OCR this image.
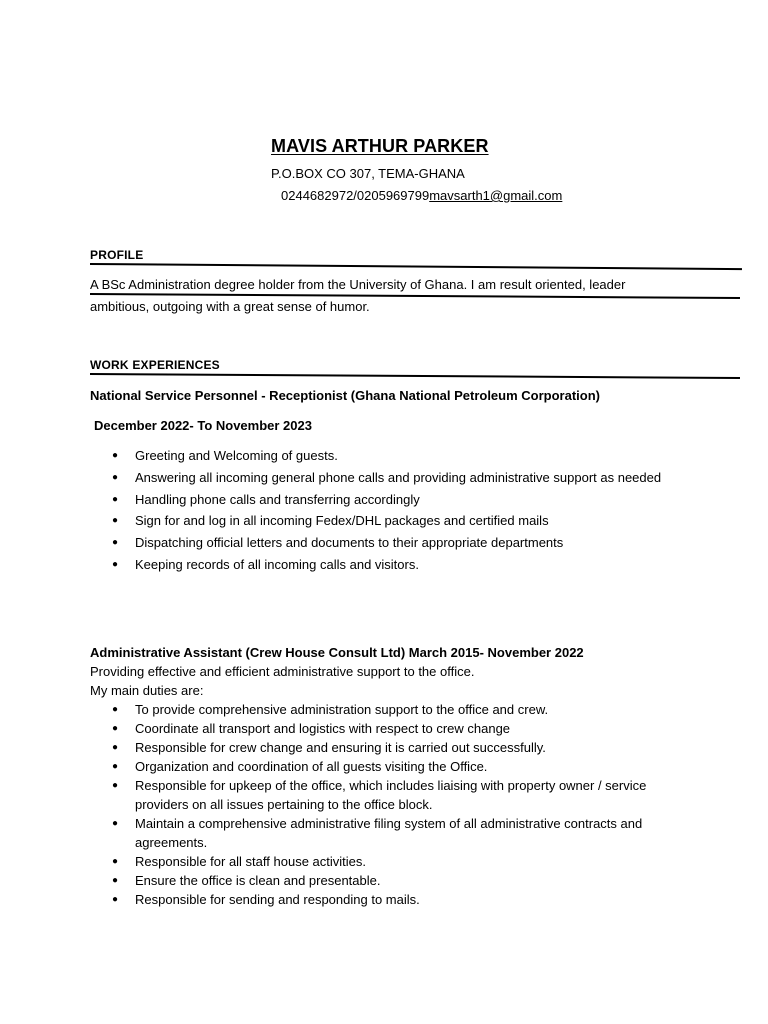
MAVIS ARTHUR PARKER
P.O.BOX CO 307, TEMA-GHANA
0244682972/0205969799mavsarth1@gmail.com
PROFILE
A BSc Administration degree holder from the University of Ghana. I am result oriented, leader
ambitious, outgoing with a great sense of humor.
WORK EXPERIENCES
National Service Personnel - Receptionist (Ghana National Petroleum Corporation)
December 2022- To November 2023
● Greeting and Welcoming of guests.
● Answering all incoming general phone calls and providing administrative support as needed
● Handling phone calls and transferring accordingly
● Sign for and log in all incoming Fedex/DHL packages and certified mails
● Dispatching official letters and documents to their appropriate departments
● Keeping records of all incoming calls and visitors.
Administrative Assistant (Crew House Consult Ltd) March 2015- November 2022
Providing effective and efficient administrative support to the office.
My main duties are:
● To provide comprehensive administration support to the office and crew.
● Coordinate all transport and logistics with respect to crew change
● Responsible for crew change and ensuring it is carried out successfully.
● Organization and coordination of all guests visiting the Office.
● Responsible for upkeep of the office, which includes liaising with property owner / service providers on all issues pertaining to the office block.
● Maintain a comprehensive administrative filing system of all administrative contracts and agreements.
● Responsible for all staff house activities.
● Ensure the office is clean and presentable.
● Responsible for sending and responding to mails.
